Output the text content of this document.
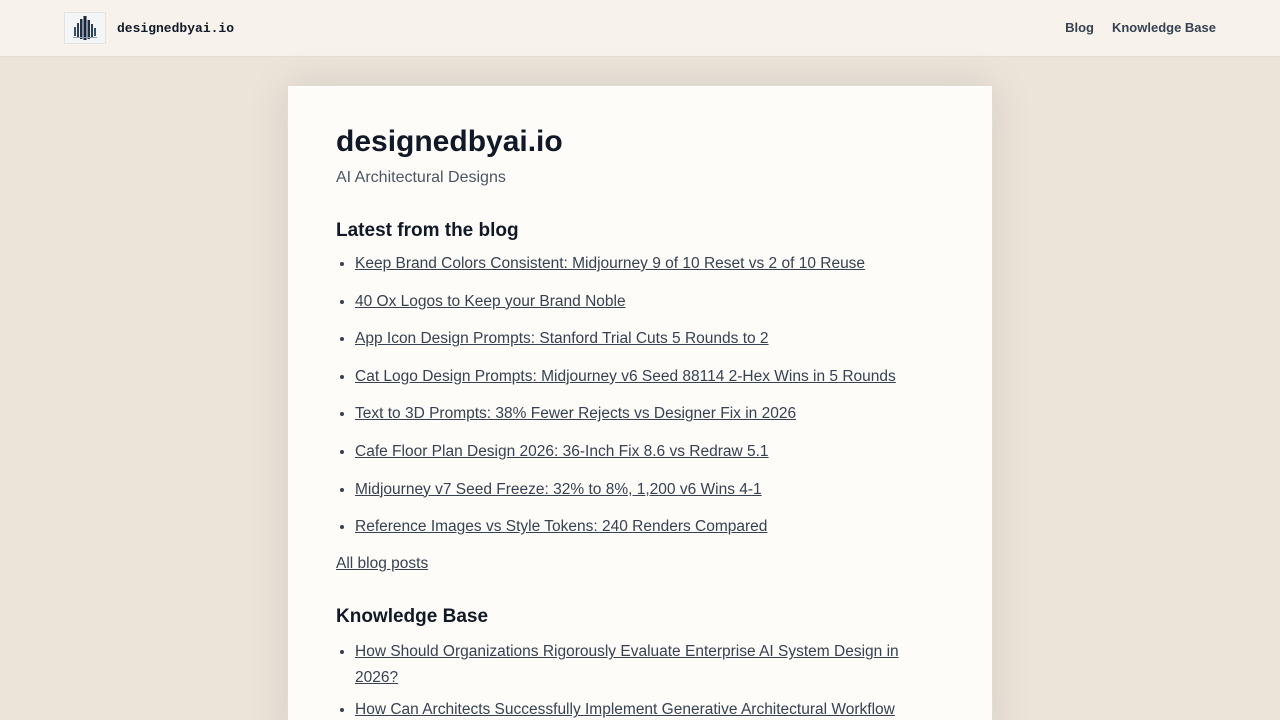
designedbyai.io	Blog Knowledge Base
designedbyai.io

AI Architectural Designs

Latest from the blog
• Keep Brand Colors Consistent: Midjourney 9 of 10 Reset vs 2 of 10 Reuse
• 40 Ox Logos to Keep your Brand Noble
• App Icon Design Prompts: Stanford Trial Cuts 5 Rounds to 2
• Cat Logo Design Prompts: Midjourney v6 Seed 88114 2-Hex Wins in 5 Rounds
• Text to 3D Prompts: 38% Fewer Rejects vs Designer Fix in 2026
• Cafe Floor Plan Design 2026: 36-Inch Fix 8.6 vs Redraw 5.1
• Midjourney v7 Seed Freeze: 32% to 8%, 1,200 v6 Wins 4-1
• Reference Images vs Style Tokens: 240 Renders Compared
All blog posts
Knowledge Base
• How Should Organizations Rigorously Evaluate Enterprise AI System Design in 2026?
• How Can Architects Successfully Implement Generative Architectural Workflow
